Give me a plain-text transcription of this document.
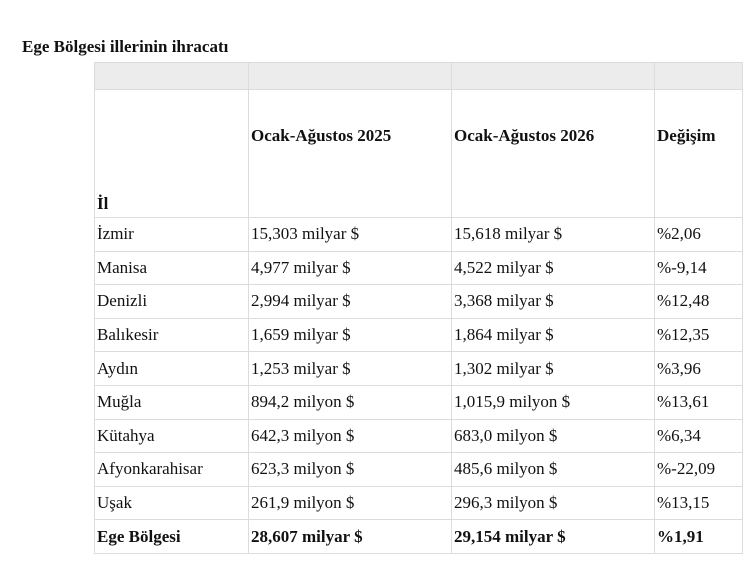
Ege Bölgesi illerinin ihracatı

İl	Ocak-Ağustos 2025	Ocak-Ağustos 2026	Değişim
İzmir	15,303 milyar $	15,618 milyar $	%2,06
Manisa	4,977 milyar $	4,522 milyar $	%-9,14
Denizli	2,994 milyar $	3,368 milyar $	%12,48
Balıkesir	1,659 milyar $	1,864 milyar $	%12,35
Aydın	1,253 milyar $	1,302 milyar $	%3,96
Muğla	894,2 milyon $	1,015,9 milyon $	%13,61
Kütahya	642,3 milyon $	683,0 milyon $	%6,34
Afyonkarahisar	623,3 milyon $	485,6 milyon $	%-22,09
Uşak	261,9 milyon $	296,3 milyon $	%13,15
Ege Bölgesi	28,607 milyar $	29,154 milyar $	%1,91
